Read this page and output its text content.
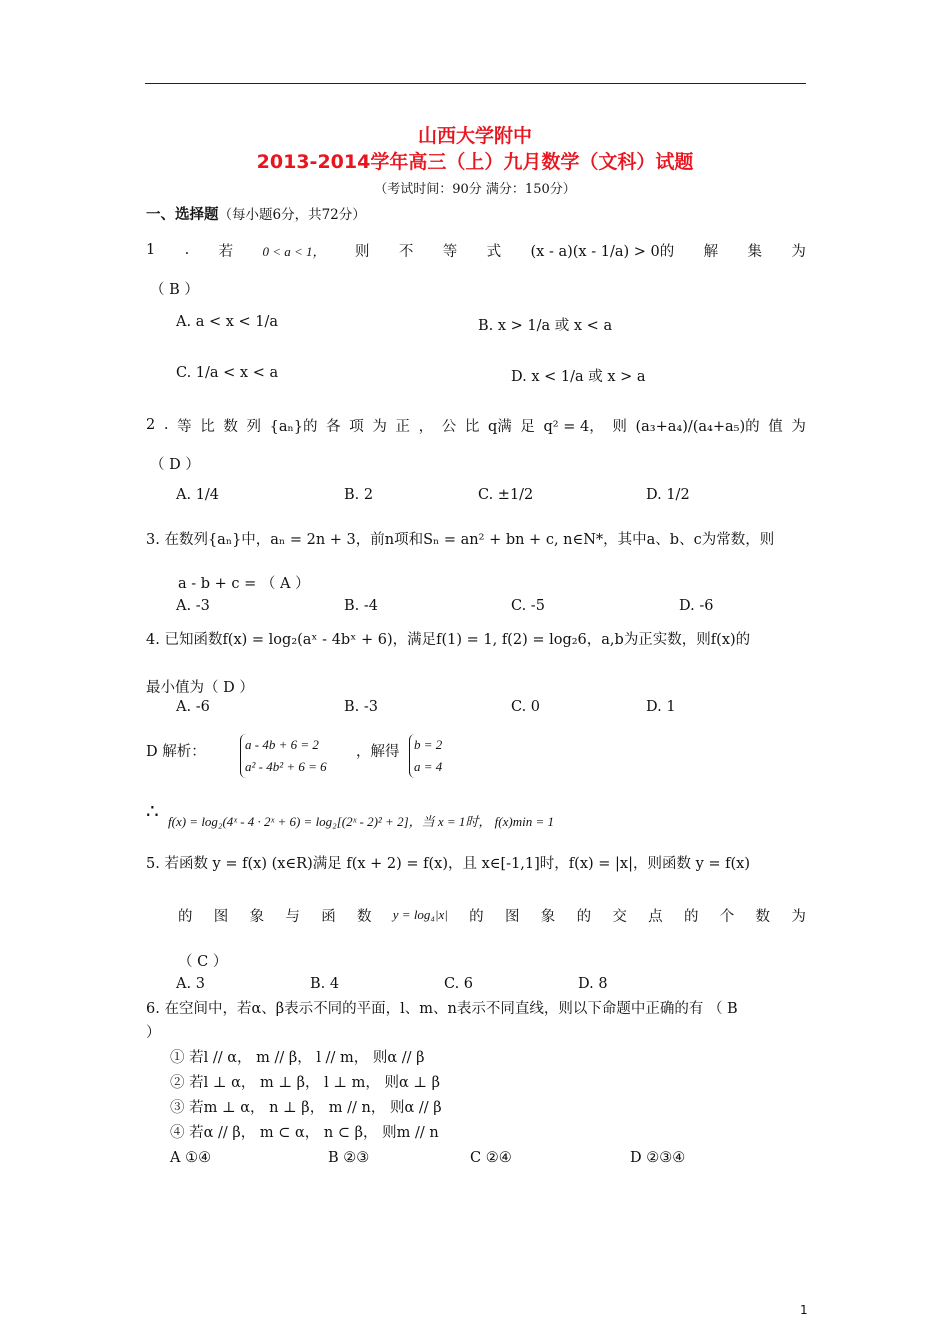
山西大学附中
2013-2014学年高三（上）九月数学（文科）试题
（考试时间：90分 满分：150分）
一、选择题（每小题6分，共72分）
1 . 若 0 < a < 1， 则 不 等 式 (x - a)(x - 1/a) > 0的 解 集 为
（ B ）
A. a < x < 1/a	B. x > 1/a 或 x < a
C. 1/a < x < a	D. x < 1/a 或 x > a
2 . 等 比 数 列 {aₙ}的 各 项 为 正 ， 公 比 q满 足 q² = 4， 则 (a₃+a₄)/(a₄+a₅)的 值 为
（ D ）
A. 1/4	B. 2	C. ±1/2	D. 1/2
3. 在数列{aₙ}中，aₙ = 2n + 3，前n项和Sₙ = an² + bn + c, n∈N*，其中a、b、c为常数，则
a - b + c = （ A ）
A. -3	B. -4	C. -5	D. -6
4. 已知函数f(x) = log₂(aˣ - 4bˣ + 6)，满足f(1) = 1, f(2) = log₂6，a,b为正实数，则f(x)的
最小值为（ D ）
A. -6	B. -3	C. 0	D. 1
D 解析：	a - 4b + 6 = 2
a² - 4b² + 6 = 6
，解得 b = 2
a = 4
∴ f(x) = log₂(4ˣ - 4 · 2ˣ + 6) = log₂[(2ˣ - 2)² + 2]，当 x = 1时， f(x)min = 1
5. 若函数 y = f(x) (x∈R)满足 f(x + 2) = f(x)，且 x∈[-1,1]时，f(x) = |x|，则函数 y = f(x)
的 图 象 与 函 数 y = log₄|x| 的 图 象 的 交 点 的 个 数 为
（ C ）
A. 3	B. 4	C. 6	D. 8
6. 在空间中，若α、β表示不同的平面，l、m、n表示不同直线，则以下命题中正确的有 （ B
）
① 若l // α， m // β， l // m， 则α // β
② 若l ⊥ α， m ⊥ β， l ⊥ m， 则α ⊥ β
③ 若m ⊥ α， n ⊥ β， m // n， 则α // β
④ 若α // β， m ⊂ α， n ⊂ β， 则m // n
A ①④	B ②③	C ②④	D ②③④
1
